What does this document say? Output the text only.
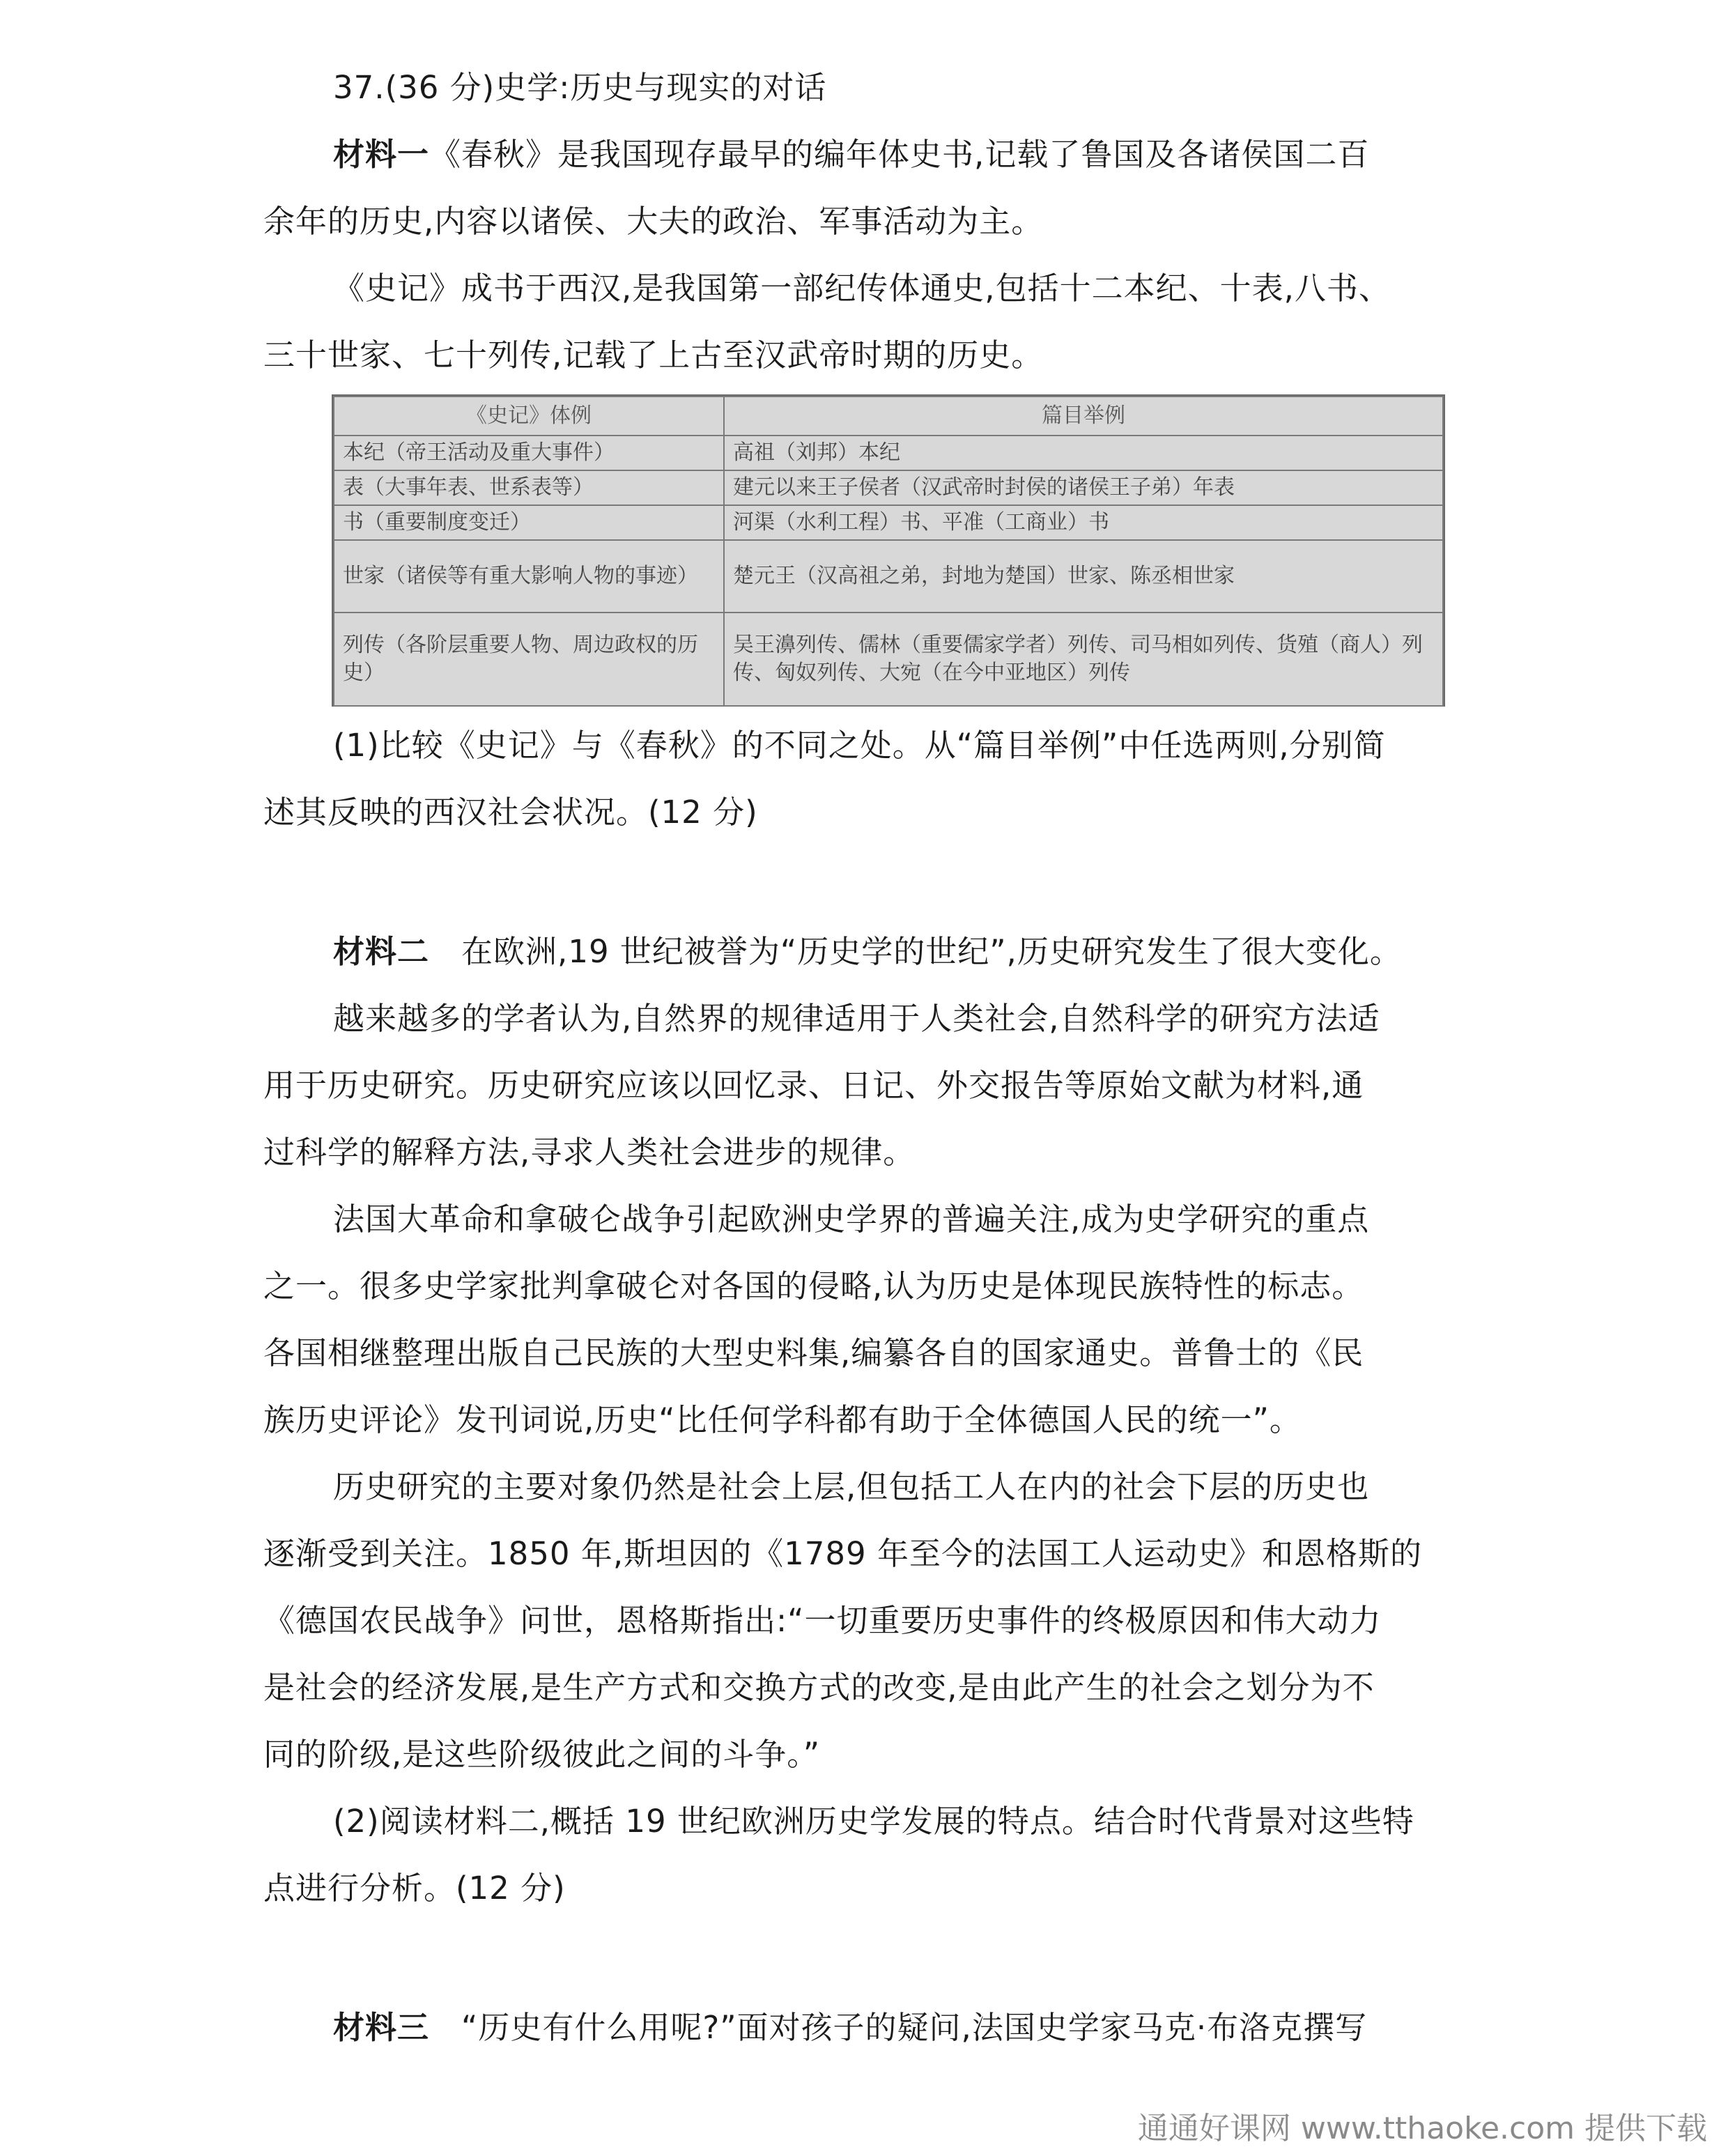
37.(36 分)史学:历史与现实的对话
材料一《春秋》是我国现存最早的编年体史书,记载了鲁国及各诸侯国二百
余年的历史,内容以诸侯、大夫的政治、军事活动为主。
《史记》成书于西汉,是我国第一部纪传体通史,包括十二本纪、十表,八书、
三十世家、七十列传,记载了上古至汉武帝时期的历史。
《史记》体例	篇目举例
本纪（帝王活动及重大事件）	高祖（刘邦）本纪
表（大事年表、世系表等）	建元以来王子侯者（汉武帝时封侯的诸侯王子弟）年表
书（重要制度变迁）	河渠（水利工程）书、平准（工商业）书
世家（诸侯等有重大影响人物的事迹）	楚元王（汉高祖之弟，封地为楚国）世家、陈丞相世家
列传（各阶层重要人物、周边政权的历史）	吴王濞列传、儒林（重要儒家学者）列传、司马相如列传、货殖（商人）列传、匈奴列传、大宛（在今中亚地区）列传
(1)比较《史记》与《春秋》的不同之处。从“篇目举例”中任选两则,分别简
述其反映的西汉社会状况。(12 分)
材料二 在欧洲,19 世纪被誉为“历史学的世纪”,历史研究发生了很大变化。
越来越多的学者认为,自然界的规律适用于人类社会,自然科学的研究方法适
用于历史研究。历史研究应该以回忆录、日记、外交报告等原始文献为材料,通
过科学的解释方法,寻求人类社会进步的规律。
法国大革命和拿破仑战争引起欧洲史学界的普遍关注,成为史学研究的重点
之一。很多史学家批判拿破仑对各国的侵略,认为历史是体现民族特性的标志。
各国相继整理出版自己民族的大型史料集,编纂各自的国家通史。普鲁士的《民
族历史评论》发刊词说,历史“比任何学科都有助于全体德国人民的统一”。
历史研究的主要对象仍然是社会上层,但包括工人在内的社会下层的历史也
逐渐受到关注。1850 年,斯坦因的《1789 年至今的法国工人运动史》和恩格斯的
《德国农民战争》问世，恩格斯指出:“一切重要历史事件的终极原因和伟大动力
是社会的经济发展,是生产方式和交换方式的改变,是由此产生的社会之划分为不
同的阶级,是这些阶级彼此之间的斗争。”
(2)阅读材料二,概括 19 世纪欧洲历史学发展的特点。结合时代背景对这些特
点进行分析。(12 分)
材料三 “历史有什么用呢?”面对孩子的疑问,法国史学家马克·布洛克撰写
通通好课网 www.tthaoke.com 提供下载
